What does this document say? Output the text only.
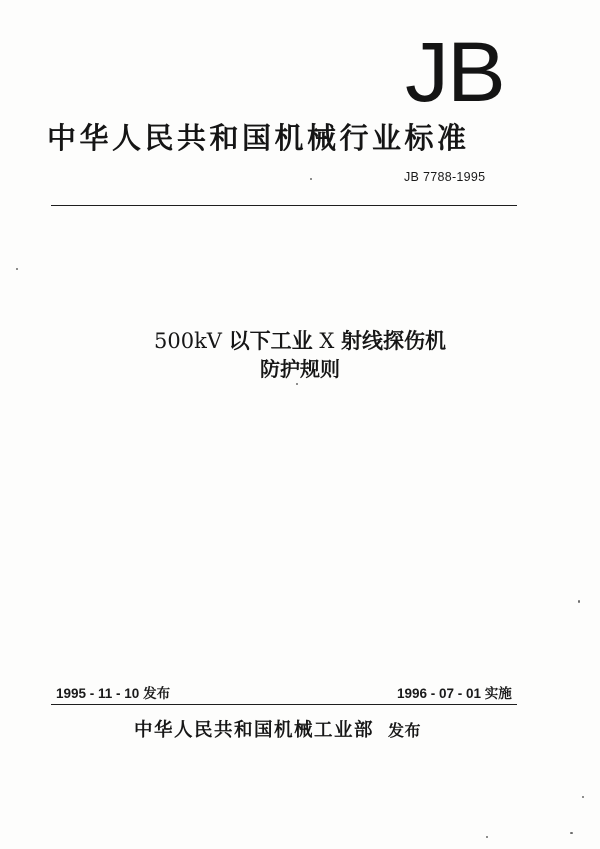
JB
中华人民共和国机械行业标准
JB 7788-1995
500kV 以下工业 X 射线探伤机
防护规则
1995 - 11 - 10 发布	1996 - 07 - 01 实施
中华人民共和国机械工业部 发布
